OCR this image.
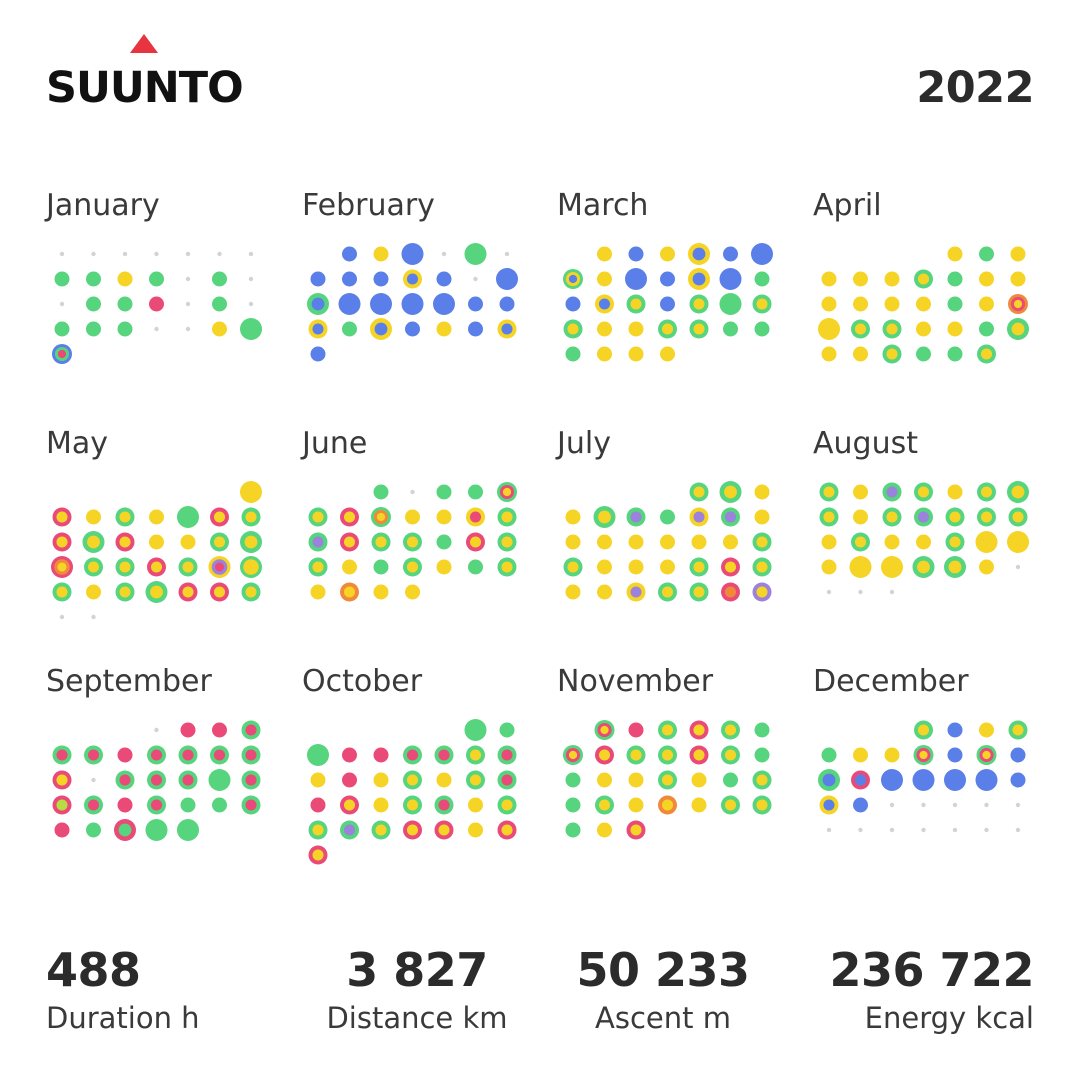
SUUNTO	2022
January	February	March	April
May	June	July	August
September	October	November	December
488
Duration h
3 827
Distance km
50 233
Ascent m
236 722
Energy kcal
